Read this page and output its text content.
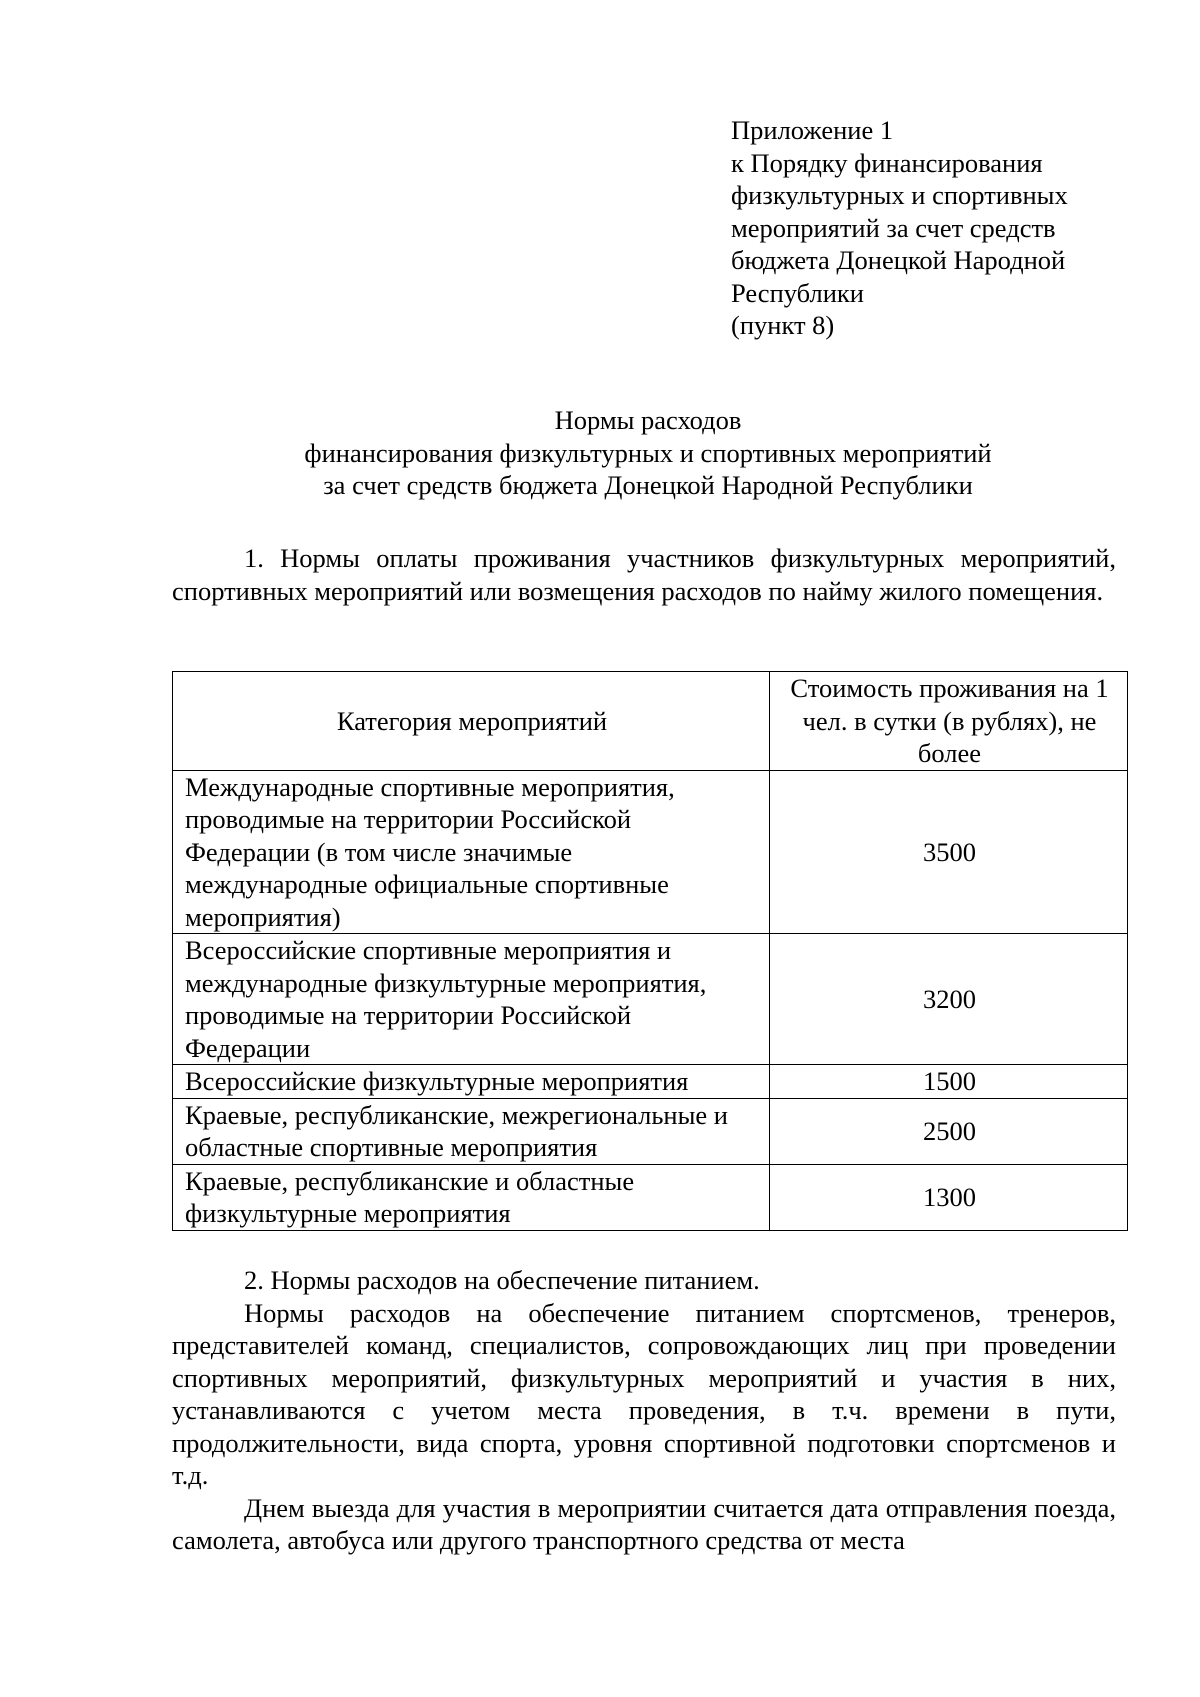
Приложение 1
к Порядку финансирования
физкультурных и спортивных
мероприятий за счет средств
бюджета Донецкой Народной
Республики
(пункт 8)
Нормы расходов
финансирования физкультурных и спортивных мероприятий
за счет средств бюджета Донецкой Народной Республики
1. Нормы оплаты проживания участников физкультурных мероприятий, спортивных мероприятий или возмещения расходов по найму жилого помещения.
Категория мероприятий	Стоимость проживания на 1 чел. в сутки (в рублях), не более
Международные спортивные мероприятия, проводимые на территории Российской Федерации (в том числе значимые международные официальные спортивные мероприятия)	3500
Всероссийские спортивные мероприятия и международные физкультурные мероприятия, проводимые на территории Российской Федерации	3200
Всероссийские физкультурные мероприятия	1500
Краевые, республиканские, межрегиональные и областные спортивные мероприятия	2500
Краевые, республиканские и областные физкультурные мероприятия	1300

2. Нормы расходов на обеспечение питанием.

Нормы расходов на обеспечение питанием спортсменов, тренеров, представителей команд, специалистов, сопровождающих лиц при проведении спортивных мероприятий, физкультурных мероприятий и участия в них, устанавливаются с учетом места проведения, в т.ч. времени в пути, продолжительности, вида спорта, уровня спортивной подготовки спортсменов и т.д.

Днем выезда для участия в мероприятии считается дата отправления поезда, самолета, автобуса или другого транспортного средства от места
